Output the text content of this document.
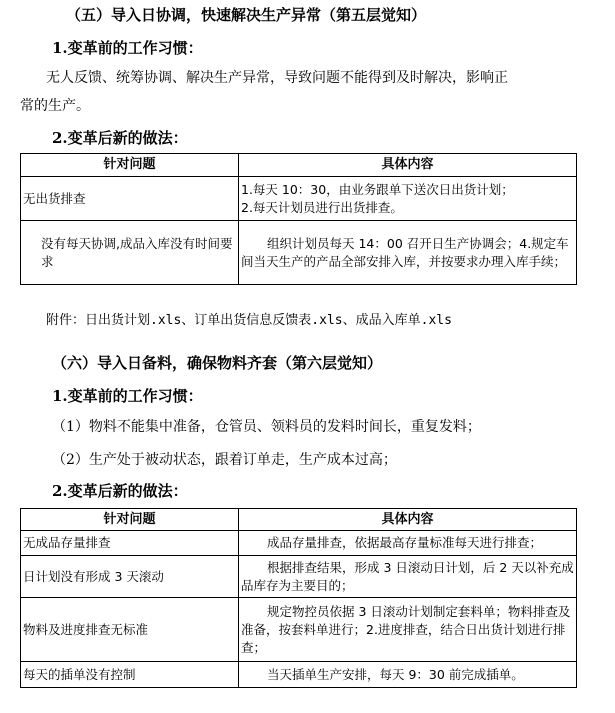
（五）导入日协调，快速解决生产异常（第五层觉知）
1.变革前的工作习惯：
无人反馈、统筹协调、解决生产异常，导致问题不能得到及时解决，影响正
常的生产。
2.变革后新的做法：
针对问题	具体内容
无出货排查	1.每天 10：30，由业务跟单下送次日出货计划；
2.每天计划员进行出货排查。

没有每天协调,成品入库没有时间要求	组织计划员每天 14：00 召开日生产协调会；4.规定车间当天生产的产品全部安排入库，并按要求办理入库手续；
附件：日出货计划.xls、订单出货信息反馈表.xls、成品入库单.xls
（六）导入日备料，确保物料齐套（第六层觉知）
1.变革前的工作习惯：
（1）物料不能集中准备，仓管员、领料员的发料时间长，重复发料；
（2）生产处于被动状态，跟着订单走，生产成本过高；
2.变革后新的做法：
针对问题	具体内容
无成品存量排查	成品存量排查，依据最高存量标准每天进行排查；
日计划没有形成 3 天滚动	根据排查结果，形成 3 日滚动日计划，后 2 天以补充成品库存为主要目的；
物料及进度排查无标准	规定物控员依据 3 日滚动计划制定套料单；物料排查及准备，按套料单进行；2.进度排查，结合日出货计划进行排查；
每天的插单没有控制	当天插单生产安排，每天 9：30 前完成插单。
